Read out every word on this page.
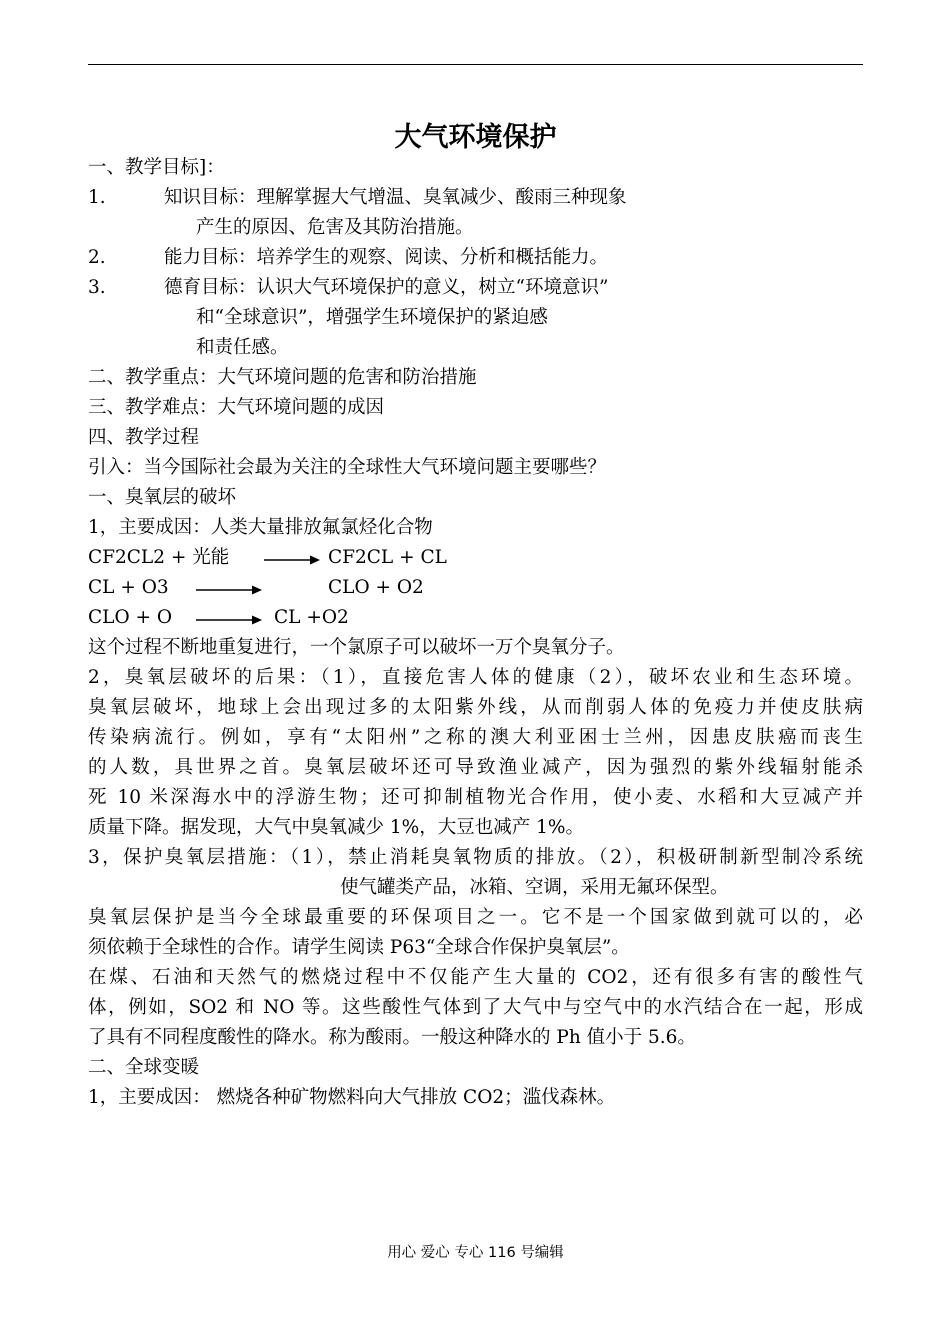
大气环境保护
一、教学目标]：
1.	知识目标：理解掌握大气增温、臭氧减少、酸雨三种现象
产生的原因、危害及其防治措施。
2.	能力目标：培养学生的观察、阅读、分析和概括能力。
3.	德育目标：认识大气环境保护的意义，树立“环境意识”
和“全球意识”，增强学生环境保护的紧迫感
和责任感。
二、教学重点：大气环境问题的危害和防治措施
三、教学难点：大气环境问题的成因
四、教学过程
引入：当今国际社会最为关注的全球性大气环境问题主要哪些？
一、臭氧层的破坏
1，主要成因：人类大量排放氟氯烃化合物
CF2CL2 + 光能	CF2CL + CL
CL + O3	CLO + O2
CLO + O	CL +O2
这个过程不断地重复进行，一个氯原子可以破坏一万个臭氧分子。
2，臭氧层破坏的后果：（1），直接危害人体的健康（2），破坏农业和生态环境。
臭氧层破坏，地球上会出现过多的太阳紫外线，从而削弱人体的免疫力并使皮肤病
传染病流行。例如，享有“太阳州”之称的澳大利亚困士兰州，因患皮肤癌而丧生
的人数，具世界之首。臭氧层破坏还可导致渔业减产，因为强烈的紫外线辐射能杀
死 10 米深海水中的浮游生物；还可抑制植物光合作用，使小麦、水稻和大豆减产并
质量下降。据发现，大气中臭氧减少 1%，大豆也减产 1%。
3，保护臭氧层措施：（1），禁止消耗臭氧物质的排放。（2），积极研制新型制冷系统
使气罐类产品，冰箱、空调，采用无氟环保型。
臭氧层保护是当今全球最重要的环保项目之一。它不是一个国家做到就可以的，必
须依赖于全球性的合作。请学生阅读 P63“全球合作保护臭氧层”。
在煤、石油和天然气的燃烧过程中不仅能产生大量的 CO2，还有很多有害的酸性气
体，例如，SO2 和 NO 等。这些酸性气体到了大气中与空气中的水汽结合在一起，形成
了具有不同程度酸性的降水。称为酸雨。一般这种降水的 Ph 值小于 5.6。
二、全球变暖
1，主要成因： 燃烧各种矿物燃料向大气排放 CO2；滥伐森林。
用心 爱心 专心 116 号编辑
